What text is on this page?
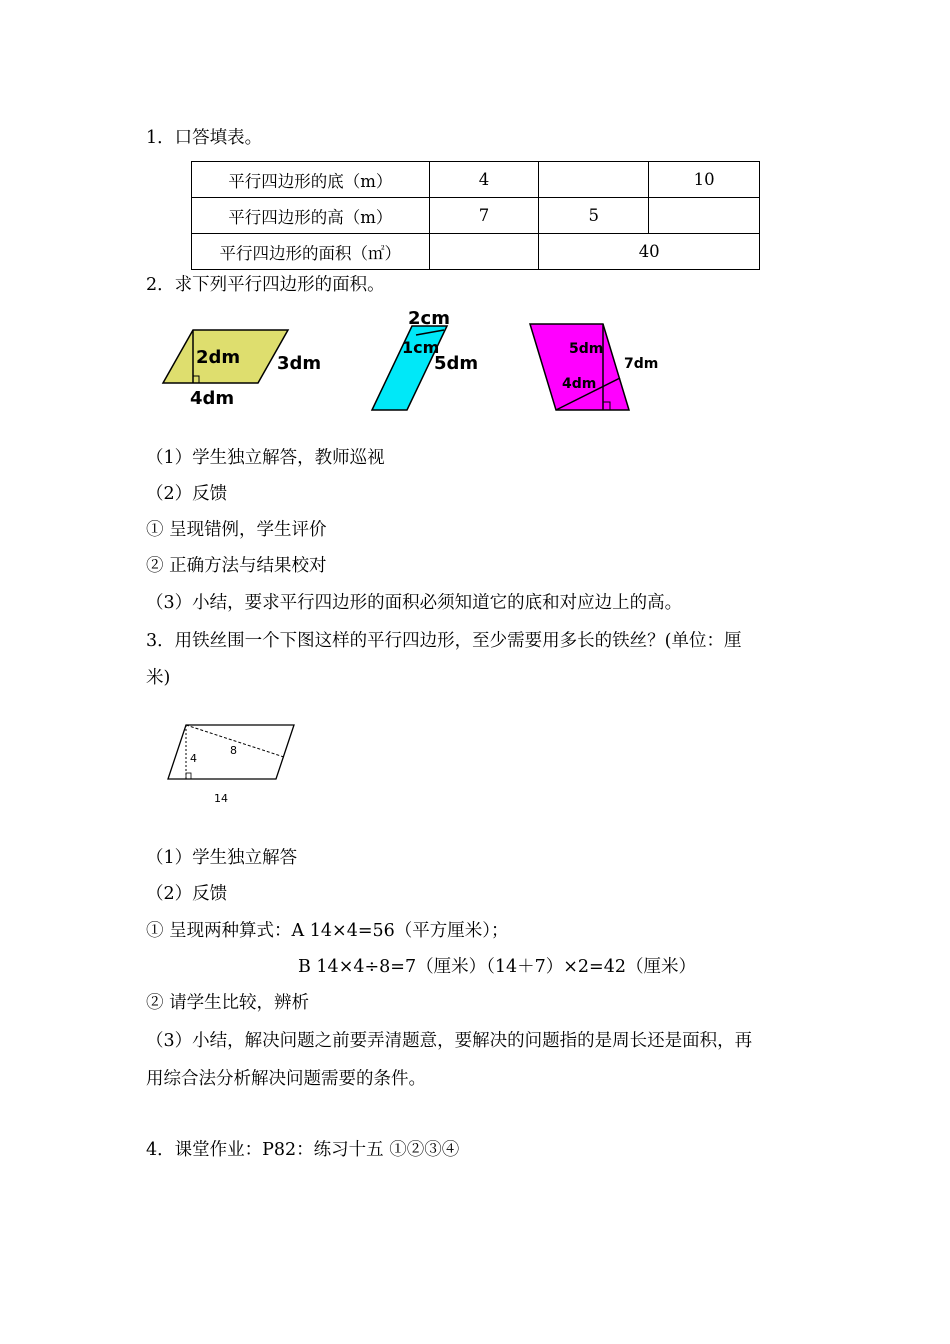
1．口答填表。
平行四边形的底（m）	4		10
平行四边形的高（m）	7	5	
平行四边形的面积（㎡）		40	
2．求下列平行四边形的面积。
2dm 3dm
4dm
2cm
1cm
5dm
5dm
7dm
4dm
（1）学生独立解答，教师巡视
（2）反馈
① 呈现错例，学生评价
② 正确方法与结果校对
（3）小结，要求平行四边形的面积必须知道它的底和对应边上的高。
3．用铁丝围一个下图这样的平行四边形，至少需要用多长的铁丝？(单位：厘
米)
4
8
14
（1）学生独立解答
（2）反馈
① 呈现两种算式：A 14×4=56（平方厘米）；
B 14×4÷8=7（厘米）（14＋7）×2=42（厘米）
② 请学生比较，辨析
（3）小结，解决问题之前要弄清题意，要解决的问题指的是周长还是面积，再
用综合法分析解决问题需要的条件。
4．课堂作业：P82：练习十五 ①②③④
